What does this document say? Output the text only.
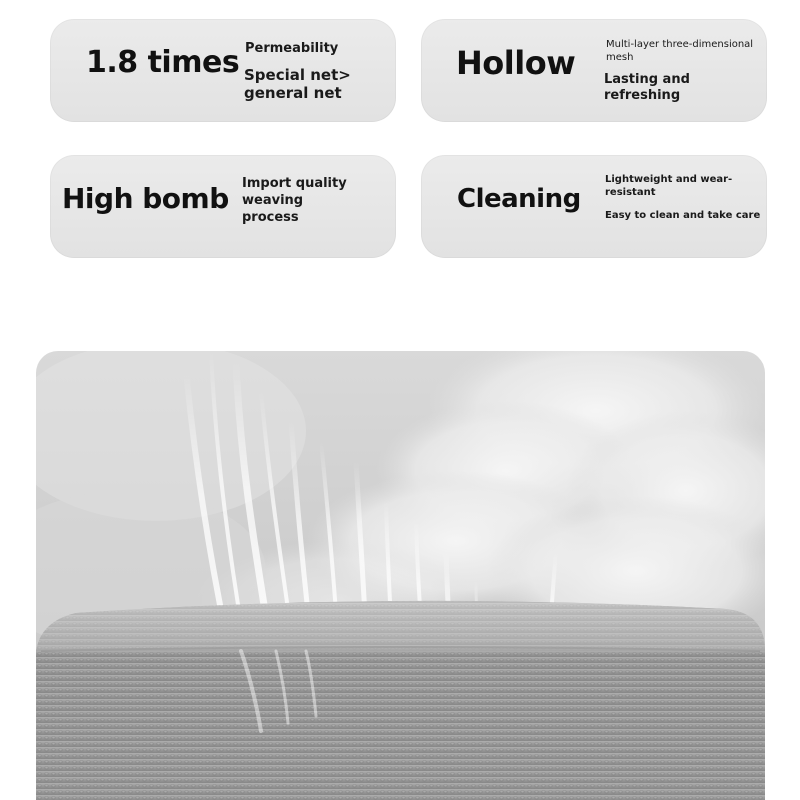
1.8 times Permeability
Special net>
general net
Hollow	Multi-layer three-dimensional
mesh
Lasting and refreshing
High bomb Import quality
weaving
process
Cleaning
Lightweight and wear-
resistant
Easy to clean and take care
